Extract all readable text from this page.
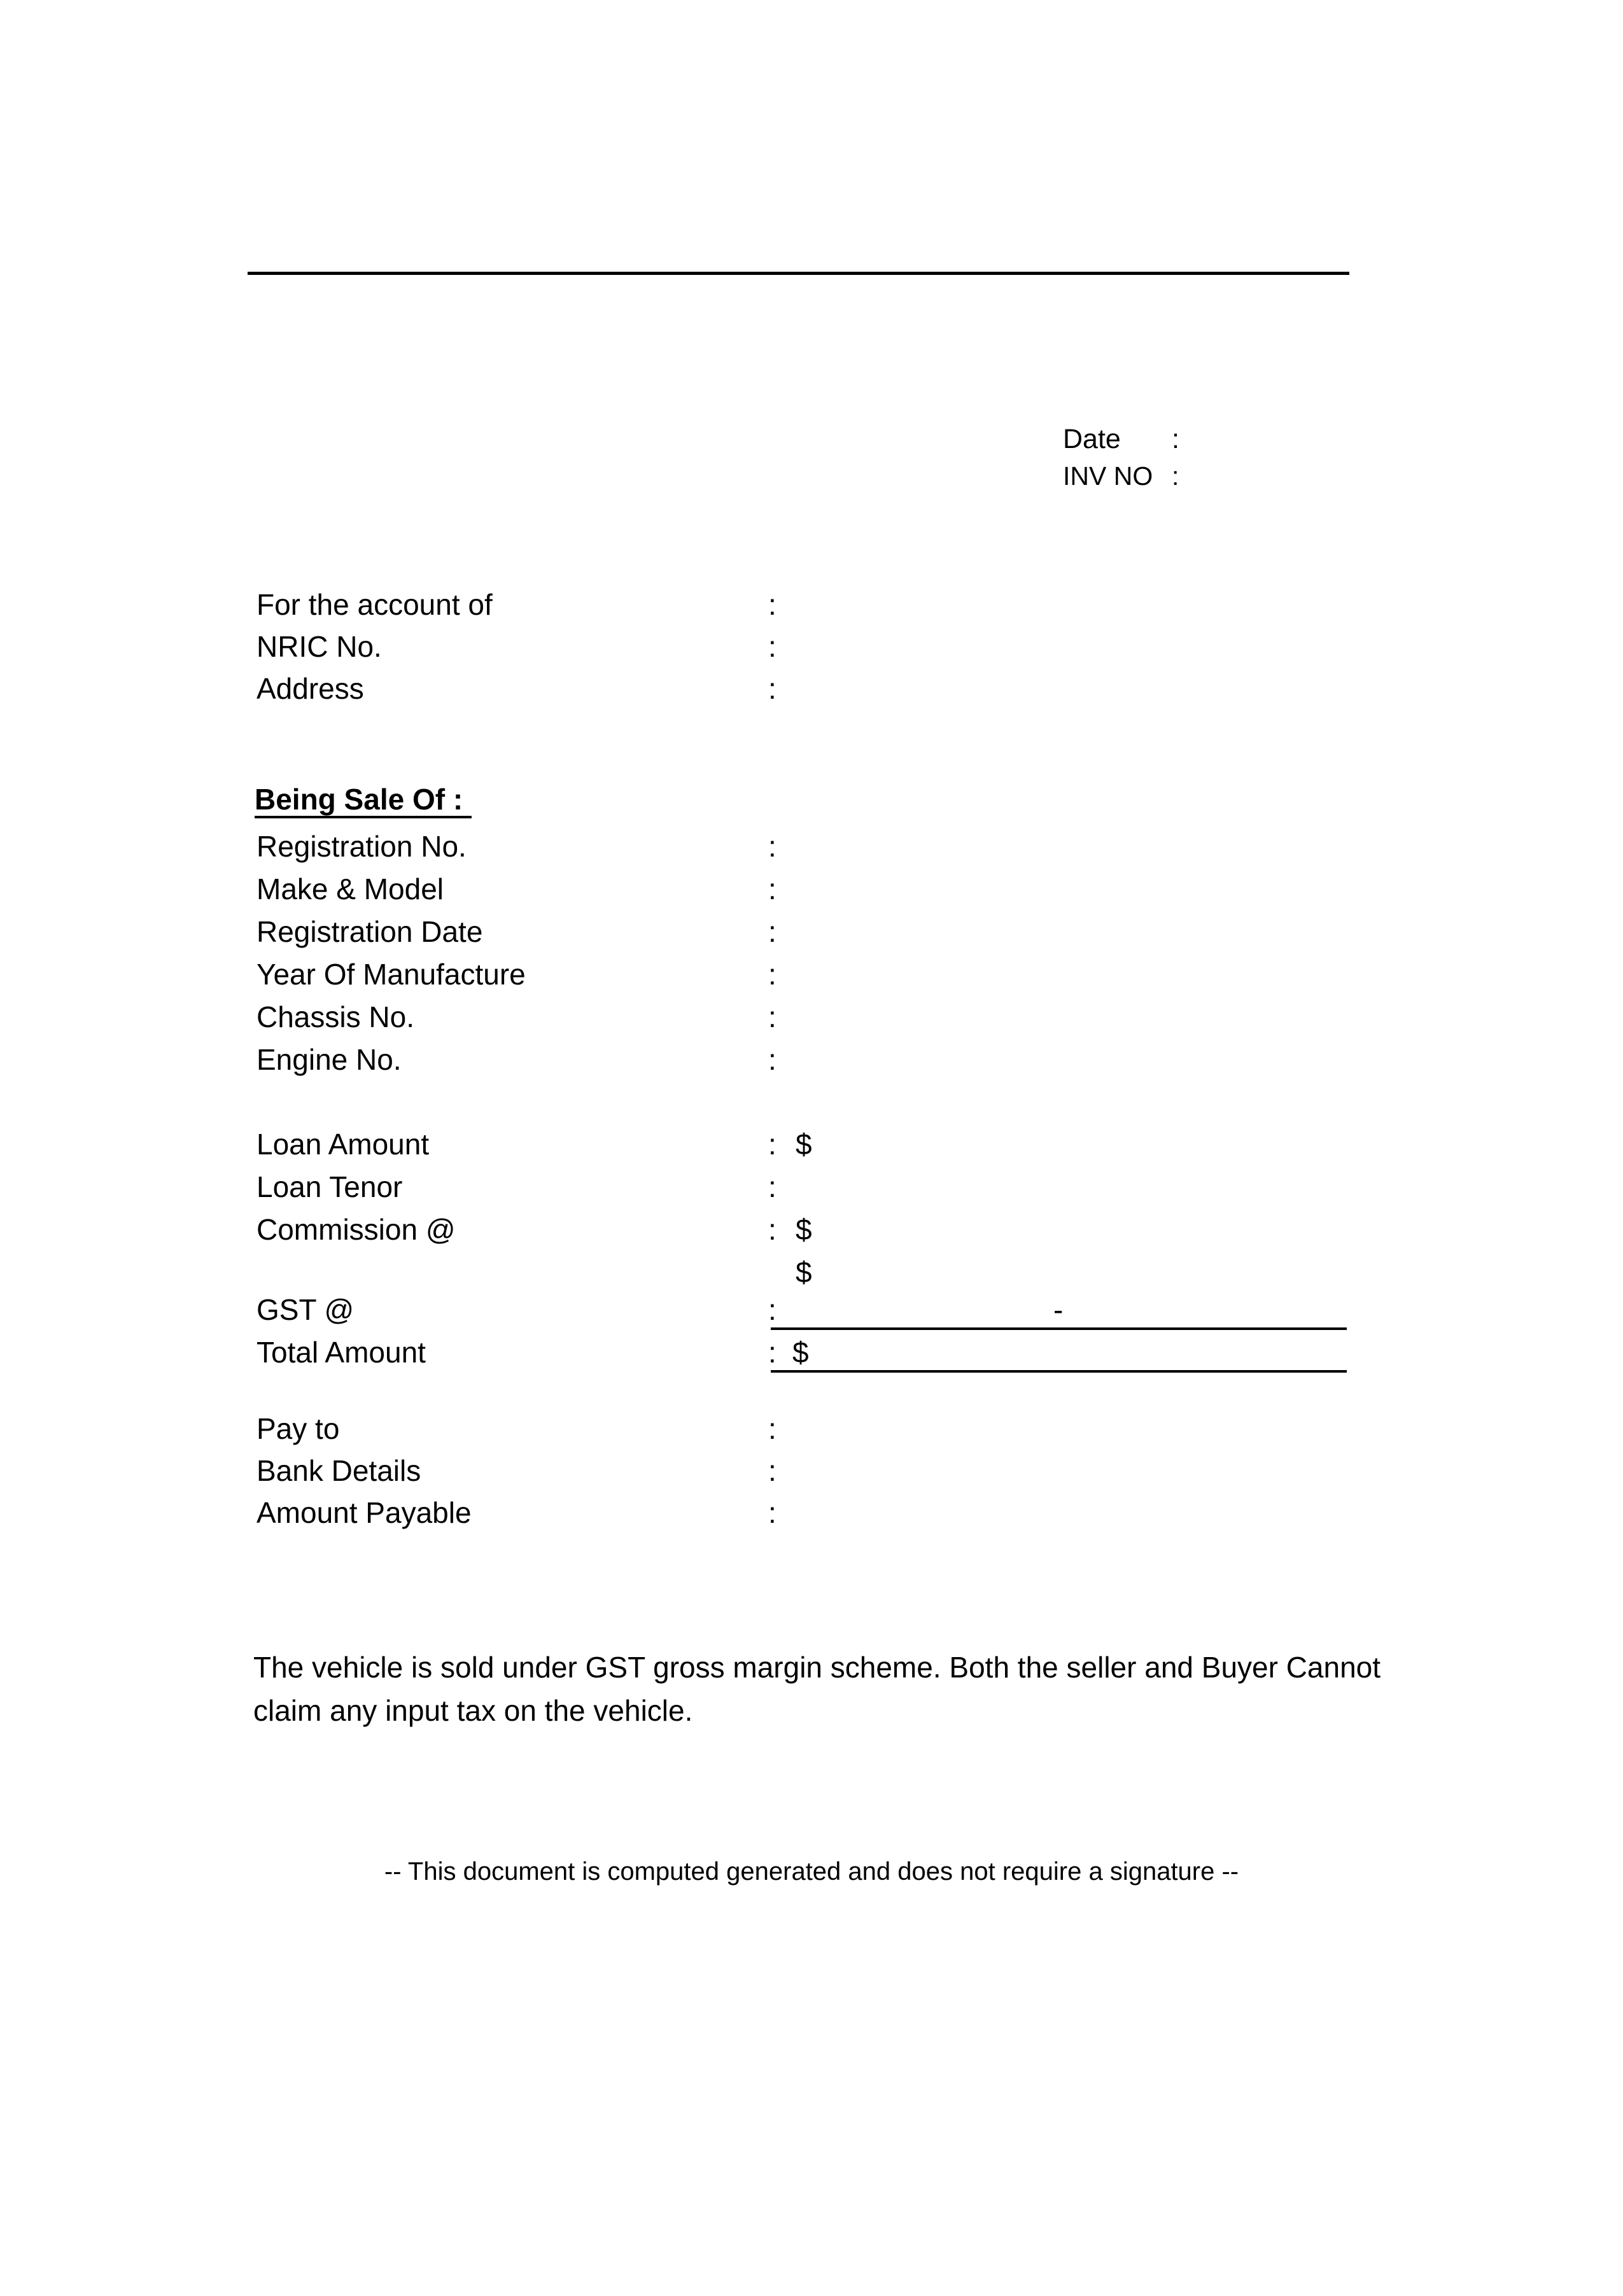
Date :
INV NO :
For the account of	:
NRIC No.	:
Address	:
Being Sale Of :
Registration No.	:
Make & Model	:
Registration Date	:
Year Of Manufacture	:
Chassis No.	:
Engine No.	:
Loan Amount	: $
Loan Tenor	:
Commission @	: $
$
GST @	:	-
Total Amount	: $
Pay to	:
Bank Details	:
Amount Payable	:
The vehicle is sold under GST gross margin scheme. Both the seller and Buyer Cannot
claim any input tax on the vehicle.
-- This document is computed generated and does not require a signature --
